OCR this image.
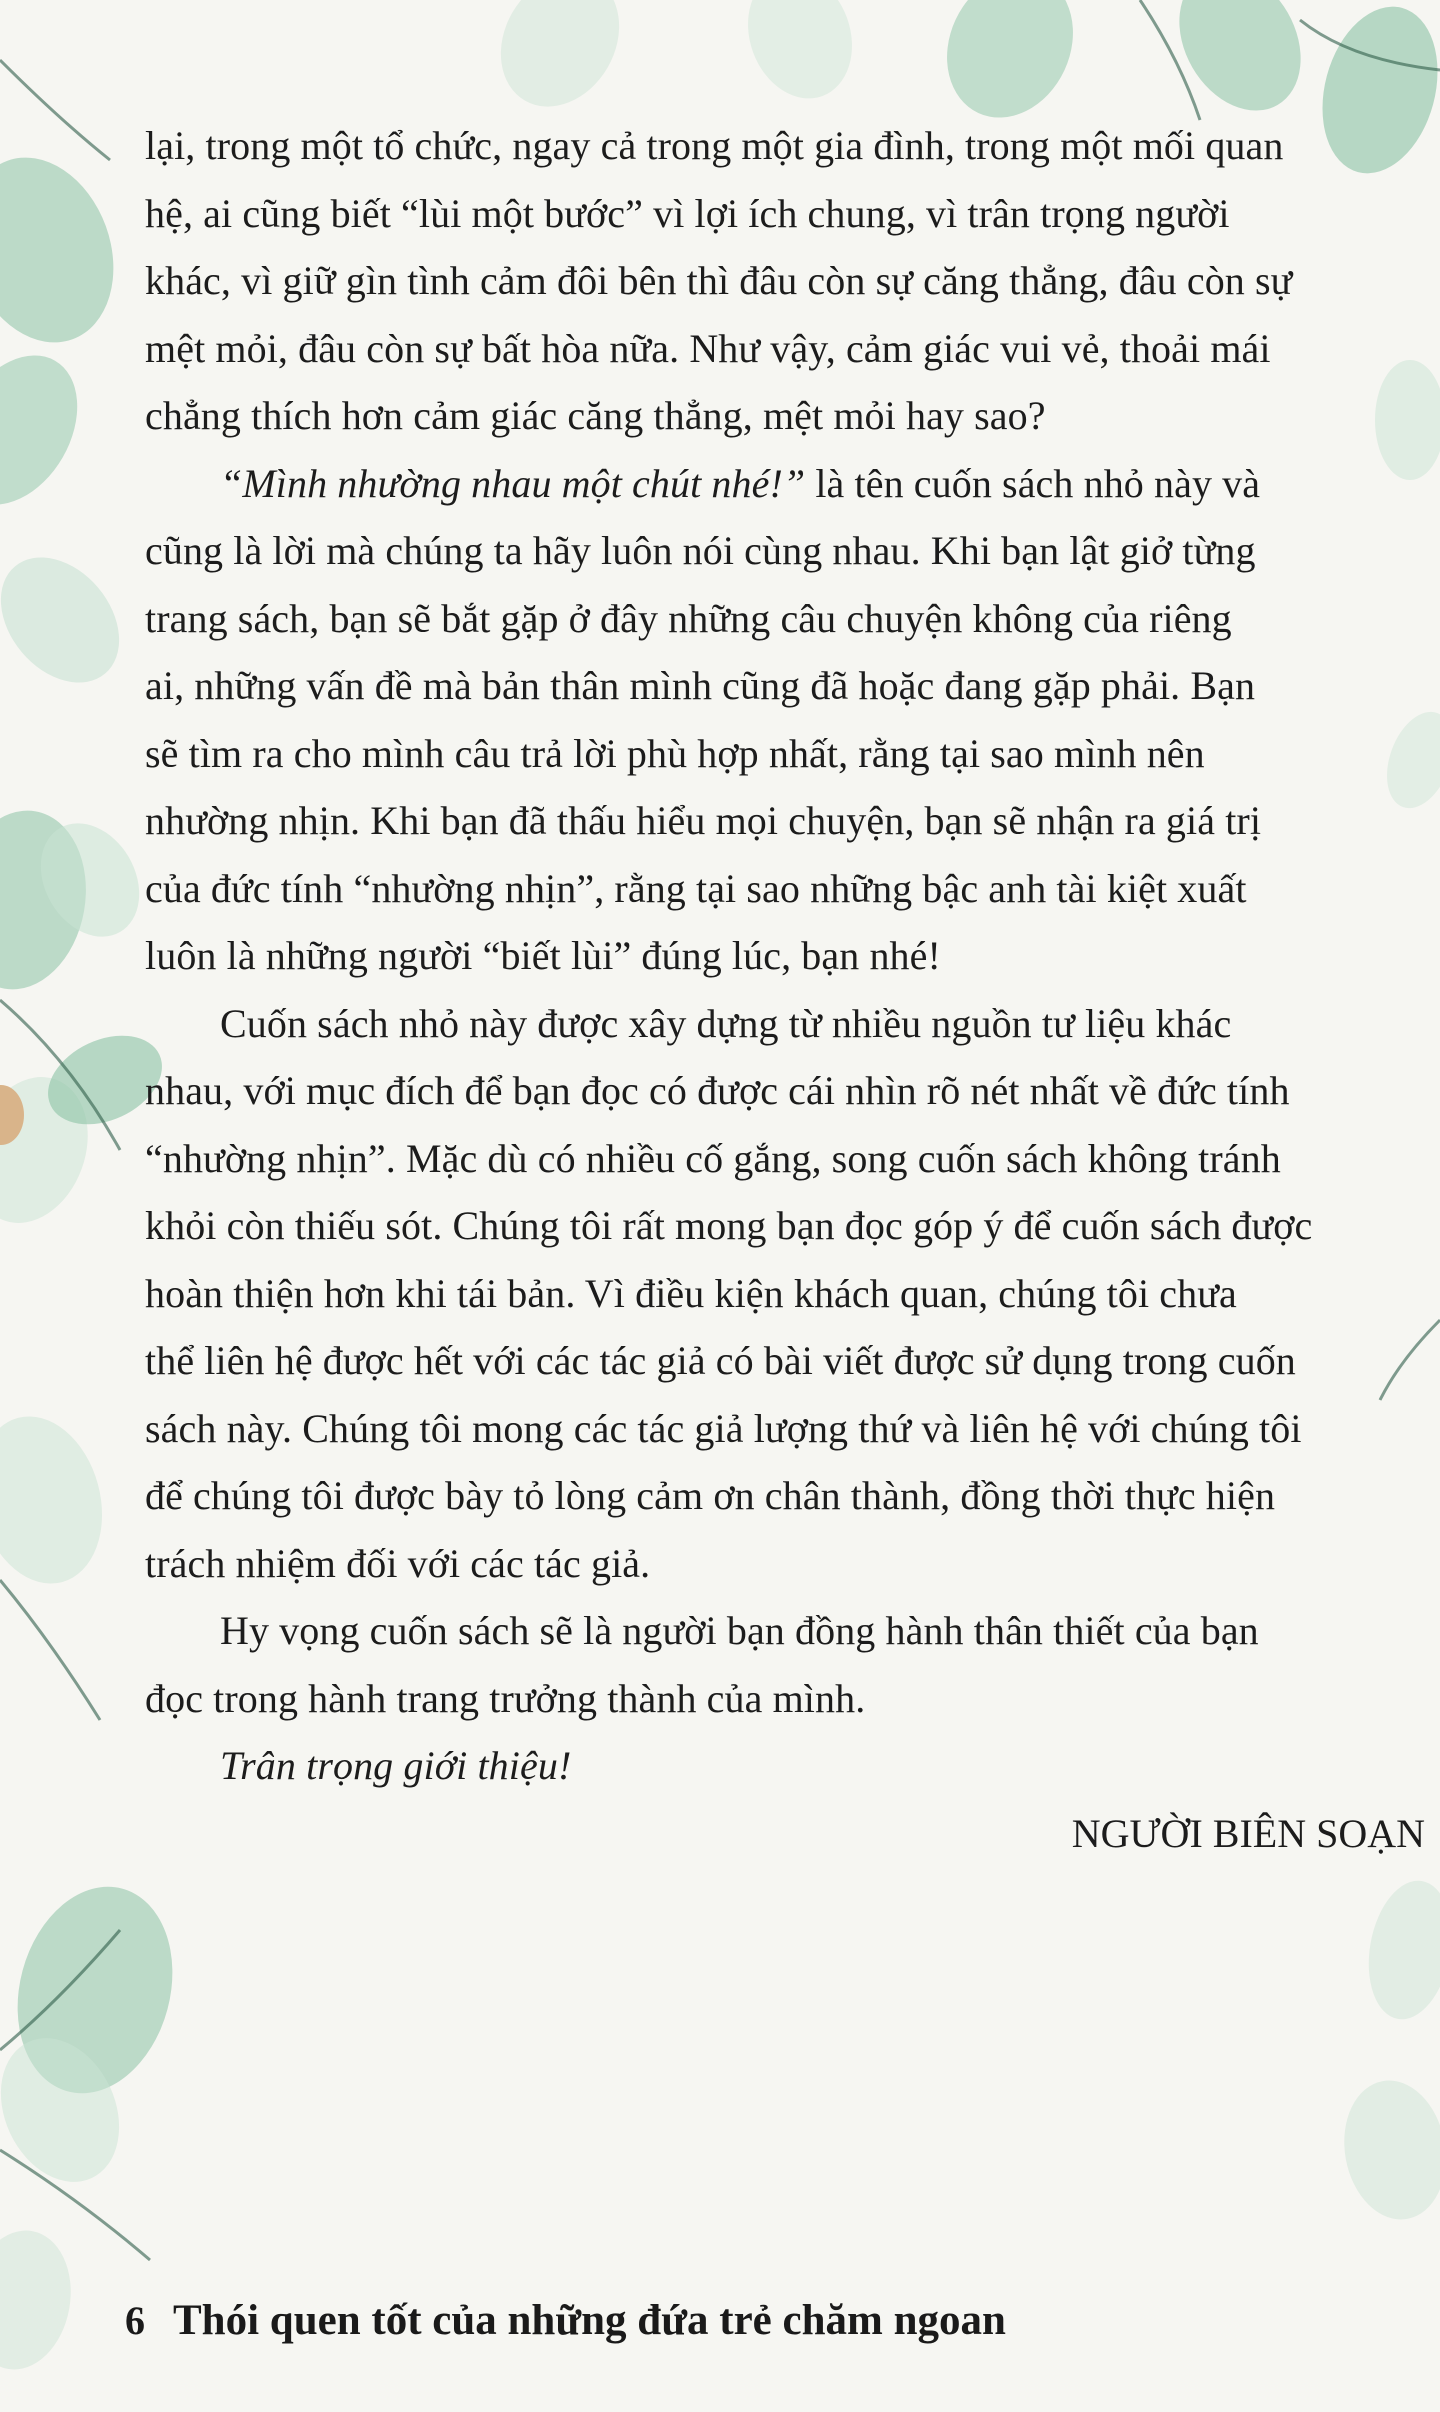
lại, trong một tổ chức, ngay cả trong một gia đình, trong một mối quan
hệ, ai cũng biết “lùi một bước” vì lợi ích chung, vì trân trọng người
khác, vì giữ gìn tình cảm đôi bên thì đâu còn sự căng thẳng, đâu còn sự
mệt mỏi, đâu còn sự bất hòa nữa. Như vậy, cảm giác vui vẻ, thoải mái
chẳng thích hơn cảm giác căng thẳng, mệt mỏi hay sao?

“Mình nhường nhau một chút nhé!” là tên cuốn sách nhỏ này và
cũng là lời mà chúng ta hãy luôn nói cùng nhau. Khi bạn lật giở từng
trang sách, bạn sẽ bắt gặp ở đây những câu chuyện không của riêng
ai, những vấn đề mà bản thân mình cũng đã hoặc đang gặp phải. Bạn
sẽ tìm ra cho mình câu trả lời phù hợp nhất, rằng tại sao mình nên
nhường nhịn. Khi bạn đã thấu hiểu mọi chuyện, bạn sẽ nhận ra giá trị
của đức tính “nhường nhịn”, rằng tại sao những bậc anh tài kiệt xuất
luôn là những người “biết lùi” đúng lúc, bạn nhé!

Cuốn sách nhỏ này được xây dựng từ nhiều nguồn tư liệu khác
nhau, với mục đích để bạn đọc có được cái nhìn rõ nét nhất về đức tính
“nhường nhịn”. Mặc dù có nhiều cố gắng, song cuốn sách không tránh
khỏi còn thiếu sót. Chúng tôi rất mong bạn đọc góp ý để cuốn sách được
hoàn thiện hơn khi tái bản. Vì điều kiện khách quan, chúng tôi chưa
thể liên hệ được hết với các tác giả có bài viết được sử dụng trong cuốn
sách này. Chúng tôi mong các tác giả lượng thứ và liên hệ với chúng tôi
để chúng tôi được bày tỏ lòng cảm ơn chân thành, đồng thời thực hiện
trách nhiệm đối với các tác giả.

Hy vọng cuốn sách sẽ là người bạn đồng hành thân thiết của bạn
đọc trong hành trang trưởng thành của mình.

Trân trọng giới thiệu!

NGƯỜI BIÊN SOẠN

6 Thói quen tốt của những đứa trẻ chăm ngoan
